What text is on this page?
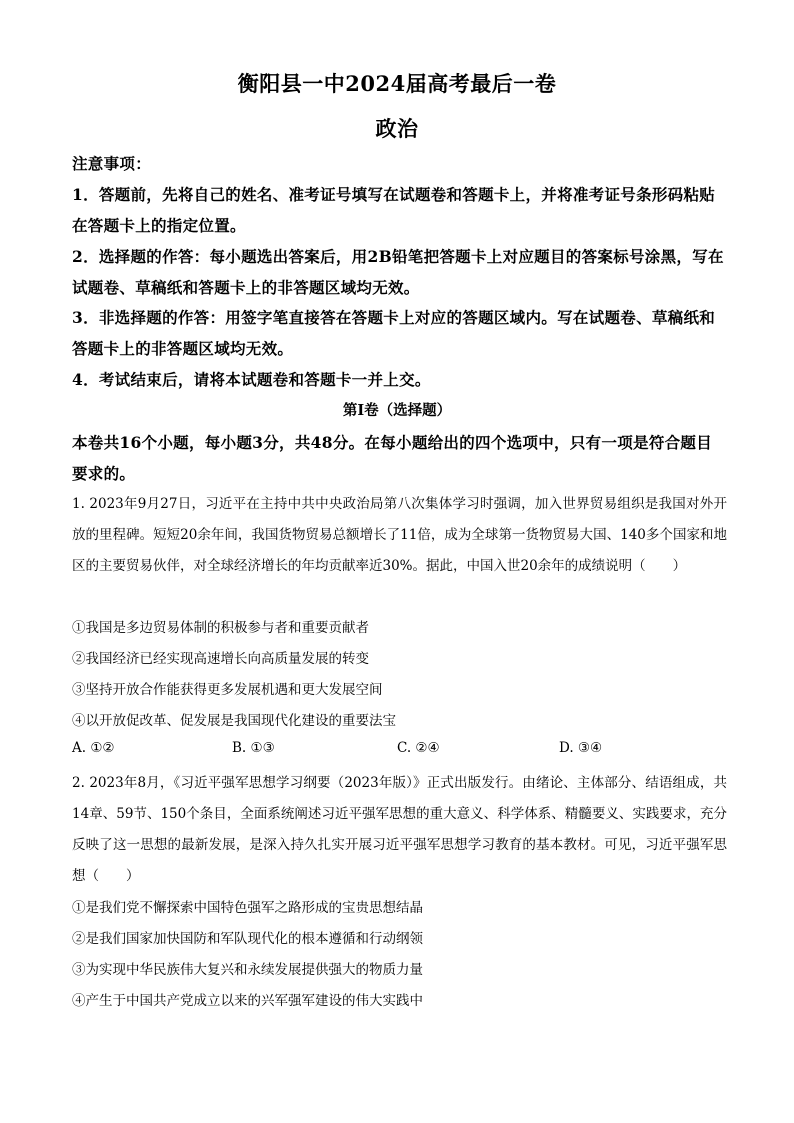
衡阳县一中2024届高考最后一卷
政治
注意事项：
1．答题前，先将自己的姓名、准考证号填写在试题卷和答题卡上，并将准考证号条形码粘贴在答题卡上的指定位置。
2．选择题的作答：每小题选出答案后，用2B铅笔把答题卡上对应题目的答案标号涂黑，写在试题卷、草稿纸和答题卡上的非答题区域均无效。
3．非选择题的作答：用签字笔直接答在答题卡上对应的答题区域内。写在试题卷、草稿纸和答题卡上的非答题区域均无效。
4．考试结束后，请将本试题卷和答题卡一并上交。
第Ⅰ卷（选择题）
本卷共16个小题，每小题3分，共48分。在每小题给出的四个选项中，只有一项是符合题目要求的。
1. 2023年9月27日，习近平在主持中共中央政治局第八次集体学习时强调，加入世界贸易组织是我国对外开放的里程碑。短短20余年间，我国货物贸易总额增长了11倍，成为全球第一货物贸易大国、140多个国家和地区的主要贸易伙伴，对全球经济增长的年均贡献率近30%。据此，中国入世20余年的成绩说明（　　）
①我国是多边贸易体制的积极参与者和重要贡献者
②我国经济已经实现高速增长向高质量发展的转变
③坚持开放合作能获得更多发展机遇和更大发展空间
④以开放促改革、促发展是我国现代化建设的重要法宝
A. ①②	B. ①③	C. ②④	D. ③④
2. 2023年8月，《习近平强军思想学习纲要（2023年版）》正式出版发行。由绪论、主体部分、结语组成，共14章、59节、150个条目，全面系统阐述习近平强军思想的重大意义、科学体系、精髓要义、实践要求，充分反映了这一思想的最新发展，是深入持久扎实开展习近平强军思想学习教育的基本教材。可见，习近平强军思想（　　）
①是我们党不懈探索中国特色强军之路形成的宝贵思想结晶
②是我们国家加快国防和军队现代化的根本遵循和行动纲领
③为实现中华民族伟大复兴和永续发展提供强大的物质力量
④产生于中国共产党成立以来的兴军强军建设的伟大实践中
